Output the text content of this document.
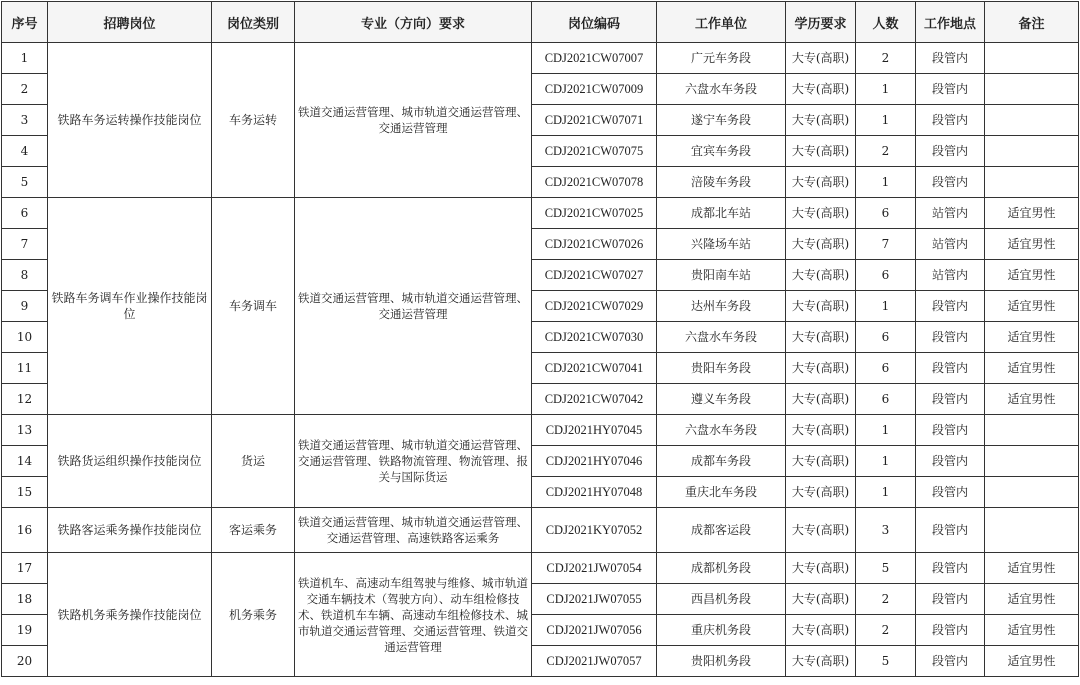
序号	招聘岗位	岗位类别	专业（方向）要求	岗位编码	工作单位	学历要求	人数	工作地点	备注
1	铁路车务运转操作技能岗位	车务运转	铁道交通运营管理、城市轨道交通运营管理、交通运营管理	CDJ2021CW07007	广元车务段	大专(高职)	2	段管内	
2				CDJ2021CW07009	六盘水车务段	大专(高职)	1	段管内	
3				CDJ2021CW07071	遂宁车务段	大专(高职)	1	段管内	
4				CDJ2021CW07075	宜宾车务段	大专(高职)	2	段管内	
5				CDJ2021CW07078	涪陵车务段	大专(高职)	1	段管内	
6	铁路车务调车作业操作技能岗位	车务调车	铁道交通运营管理、城市轨道交通运营管理、交通运营管理	CDJ2021CW07025	成都北车站	大专(高职)	6	站管内	适宜男性
7				CDJ2021CW07026	兴隆场车站	大专(高职)	7	站管内	适宜男性
8				CDJ2021CW07027	贵阳南车站	大专(高职)	6	站管内	适宜男性
9				CDJ2021CW07029	达州车务段	大专(高职)	1	段管内	适宜男性
10				CDJ2021CW07030	六盘水车务段	大专(高职)	6	段管内	适宜男性
11				CDJ2021CW07041	贵阳车务段	大专(高职)	6	段管内	适宜男性
12				CDJ2021CW07042	遵义车务段	大专(高职)	6	段管内	适宜男性
13	铁路货运组织操作技能岗位	货运	铁道交通运营管理、城市轨道交通运营管理、交通运营管理、铁路物流管理、物流管理、报关与国际货运	CDJ2021HY07045	六盘水车务段	大专(高职)	1	段管内	
14				CDJ2021HY07046	成都车务段	大专(高职)	1	段管内	
15				CDJ2021HY07048	重庆北车务段	大专(高职)	1	段管内	
16	铁路客运乘务操作技能岗位	客运乘务	铁道交通运营管理、城市轨道交通运营管理、交通运营管理、高速铁路客运乘务	CDJ2021KY07052	成都客运段	大专(高职)	3	段管内	
17	铁路机务乘务操作技能岗位	机务乘务	铁道机车、高速动车组驾驶与维修、城市轨道交通车辆技术（驾驶方向）、动车组检修技术、铁道机车车辆、高速动车组检修技术、城市轨道交通运营管理、交通运营管理、铁道交通运营管理	CDJ2021JW07054	成都机务段	大专(高职)	5	段管内	适宜男性
18				CDJ2021JW07055	西昌机务段	大专(高职)	2	段管内	适宜男性
19				CDJ2021JW07056	重庆机务段	大专(高职)	2	段管内	适宜男性
20				CDJ2021JW07057	贵阳机务段	大专(高职)	5	段管内	适宜男性
